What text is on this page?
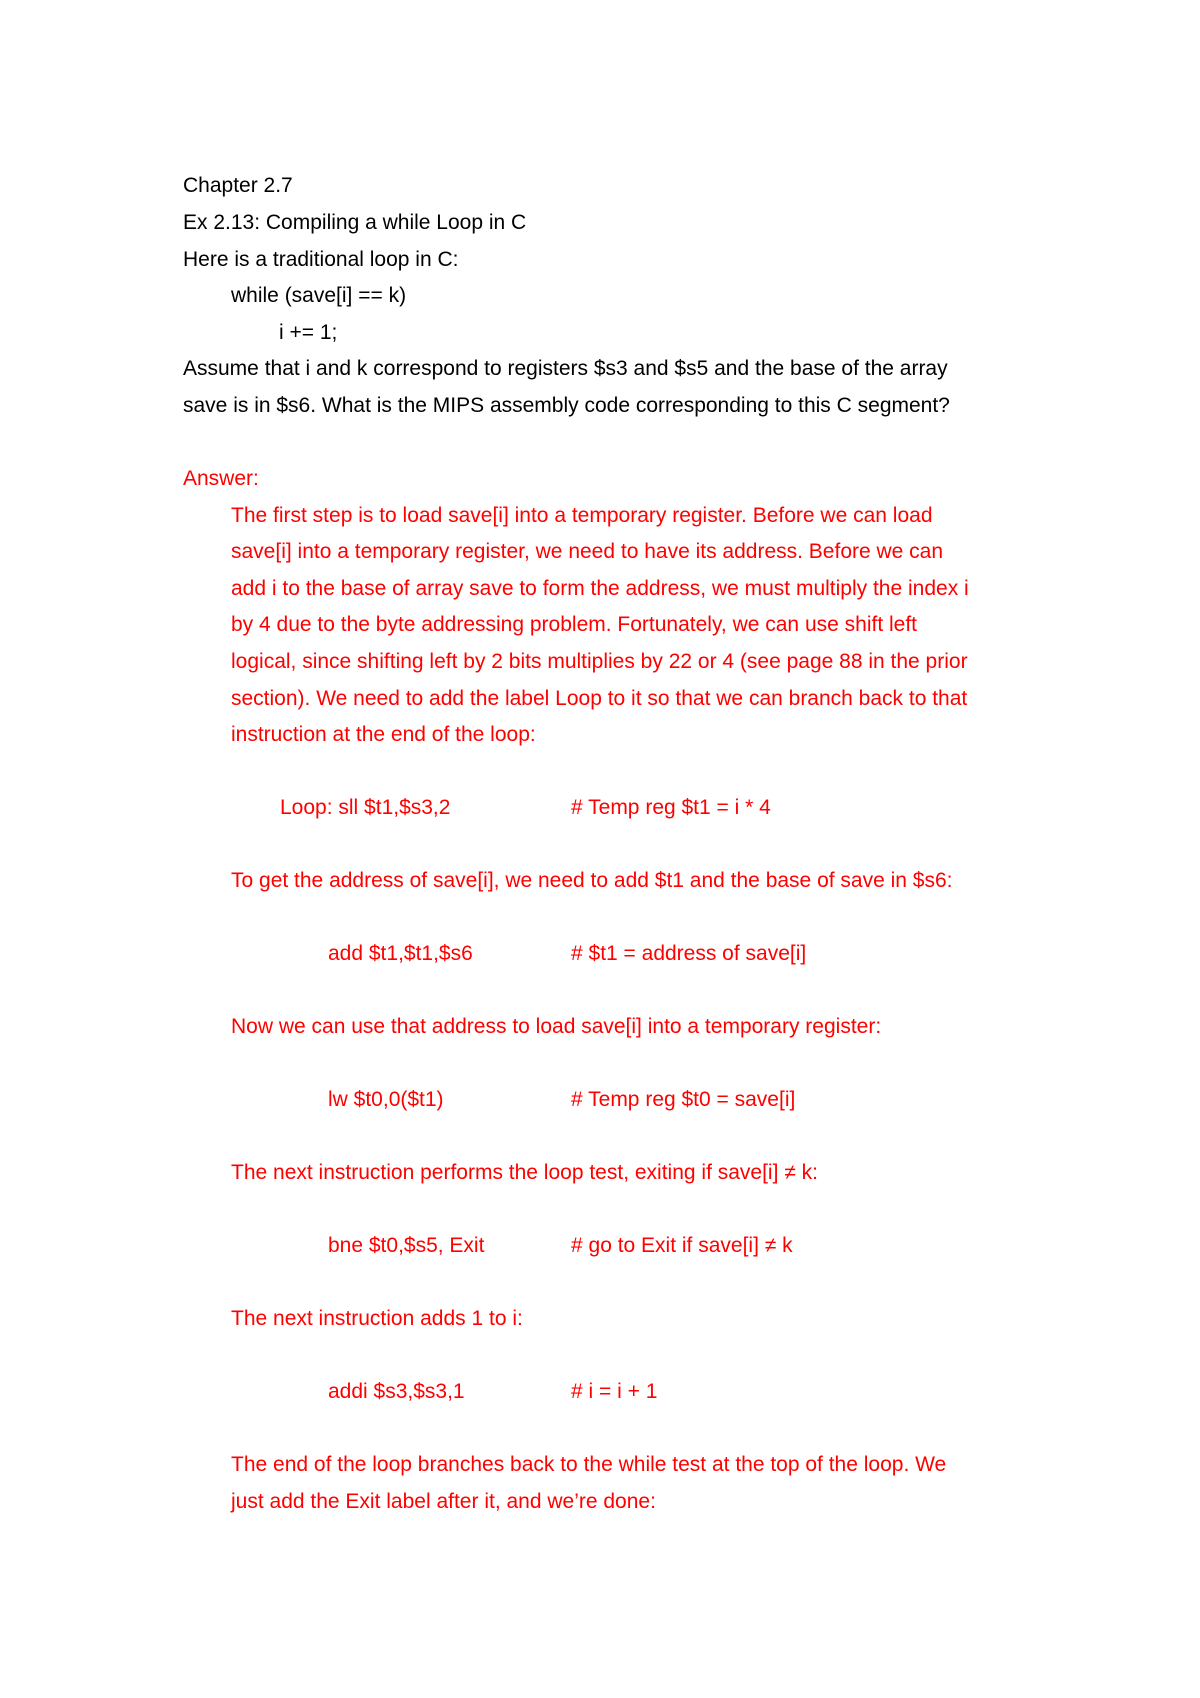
Chapter 2.7
Ex 2.13: Compiling a while Loop in C
Here is a traditional loop in C:
while (save[i] == k)
i += 1;
Assume that i and k correspond to registers $s3 and $s5 and the base of the array
save is in $s6. What is the MIPS assembly code corresponding to this C segment?
Answer:
The first step is to load save[i] into a temporary register. Before we can load
save[i] into a temporary register, we need to have its address. Before we can
add i to the base of array save to form the address, we must multiply the index i
by 4 due to the byte addressing problem. Fortunately, we can use shift left
logical, since shifting left by 2 bits multiplies by 22 or 4 (see page 88 in the prior
section). We need to add the label Loop to it so that we can branch back to that
instruction at the end of the loop:
Loop: sll $t1,$s3,2	# Temp reg $t1 = i * 4
To get the address of save[i], we need to add $t1 and the base of save in $s6:
add $t1,$t1,$s6	# $t1 = address of save[i]
Now we can use that address to load save[i] into a temporary register:
lw $t0,0($t1)	# Temp reg $t0 = save[i]
The next instruction performs the loop test, exiting if save[i] ≠ k:
bne $t0,$s5, Exit	# go to Exit if save[i] ≠ k
The next instruction adds 1 to i:
addi $s3,$s3,1	# i = i + 1
The end of the loop branches back to the while test at the top of the loop. We
just add the Exit label after it, and we’re done:
